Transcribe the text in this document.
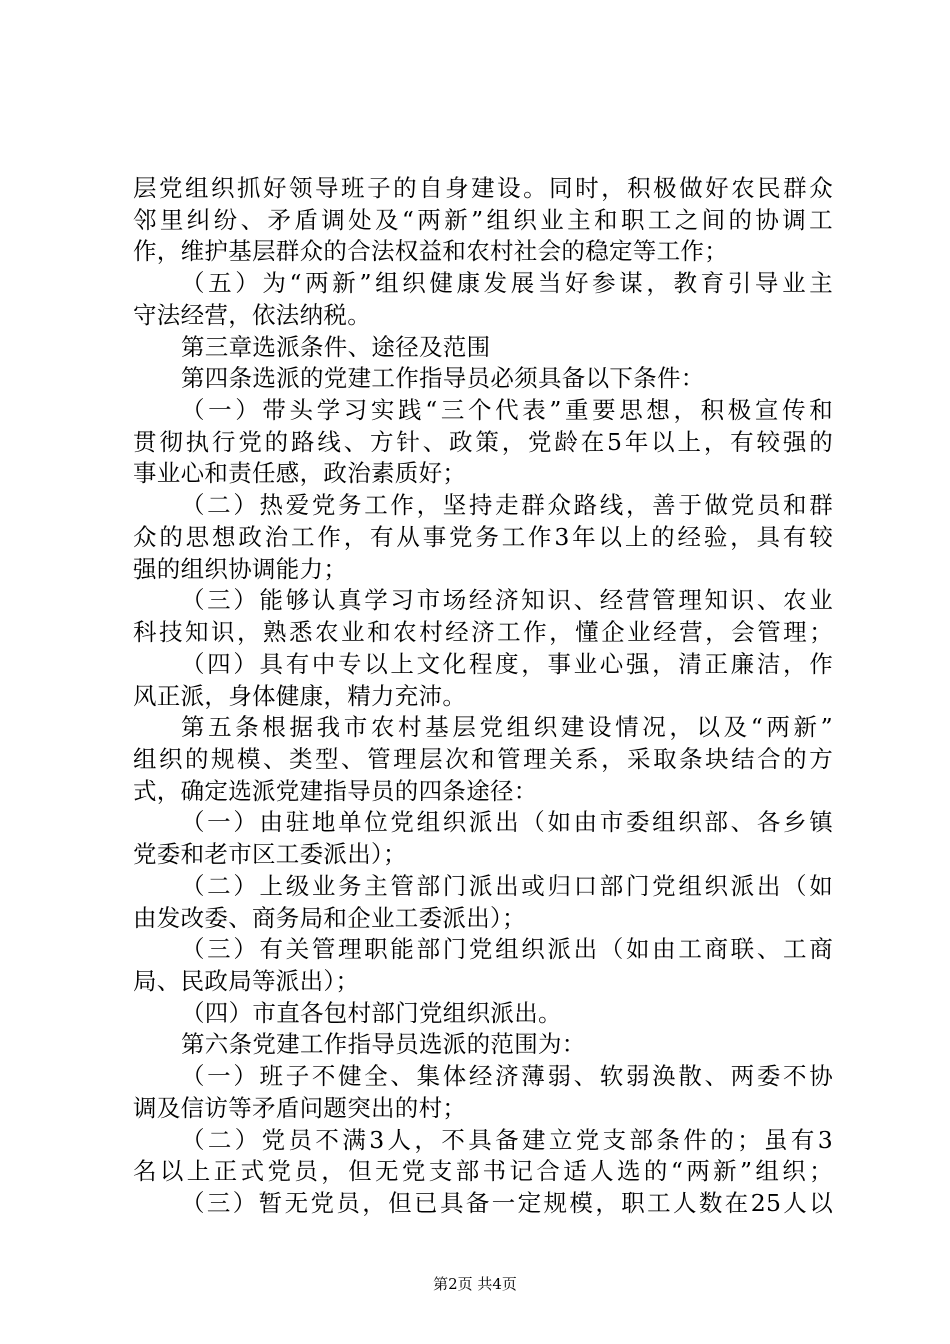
层党组织抓好领导班子的自身建设。同时，积极做好农民群众
邻里纠纷、矛盾调处及“两新”组织业主和职工之间的协调工
作，维护基层群众的合法权益和农村社会的稳定等工作；
（五）为“两新”组织健康发展当好参谋，教育引导业主
守法经营，依法纳税。
第三章选派条件、途径及范围
第四条选派的党建工作指导员必须具备以下条件：
（一）带头学习实践“三个代表”重要思想，积极宣传和
贯彻执行党的路线、方针、政策，党龄在5年以上，有较强的
事业心和责任感，政治素质好；
（二）热爱党务工作，坚持走群众路线，善于做党员和群
众的思想政治工作，有从事党务工作3年以上的经验，具有较
强的组织协调能力；
（三）能够认真学习市场经济知识、经营管理知识、农业
科技知识，熟悉农业和农村经济工作，懂企业经营，会管理；
（四）具有中专以上文化程度，事业心强，清正廉洁，作
风正派，身体健康，精力充沛。
第五条根据我市农村基层党组织建设情况，以及“两新”
组织的规模、类型、管理层次和管理关系，采取条块结合的方
式，确定选派党建指导员的四条途径：
（一）由驻地单位党组织派出（如由市委组织部、各乡镇
党委和老市区工委派出）；
（二）上级业务主管部门派出或归口部门党组织派出（如
由发改委、商务局和企业工委派出）；
（三）有关管理职能部门党组织派出（如由工商联、工商
局、民政局等派出）；
（四）市直各包村部门党组织派出。
第六条党建工作指导员选派的范围为：
（一）班子不健全、集体经济薄弱、软弱涣散、两委不协
调及信访等矛盾问题突出的村；
（二）党员不满3人，不具备建立党支部条件的；虽有3
名以上正式党员，但无党支部书记合适人选的“两新”组织；
（三）暂无党员，但已具备一定规模，职工人数在25人以
第2页 共4页
